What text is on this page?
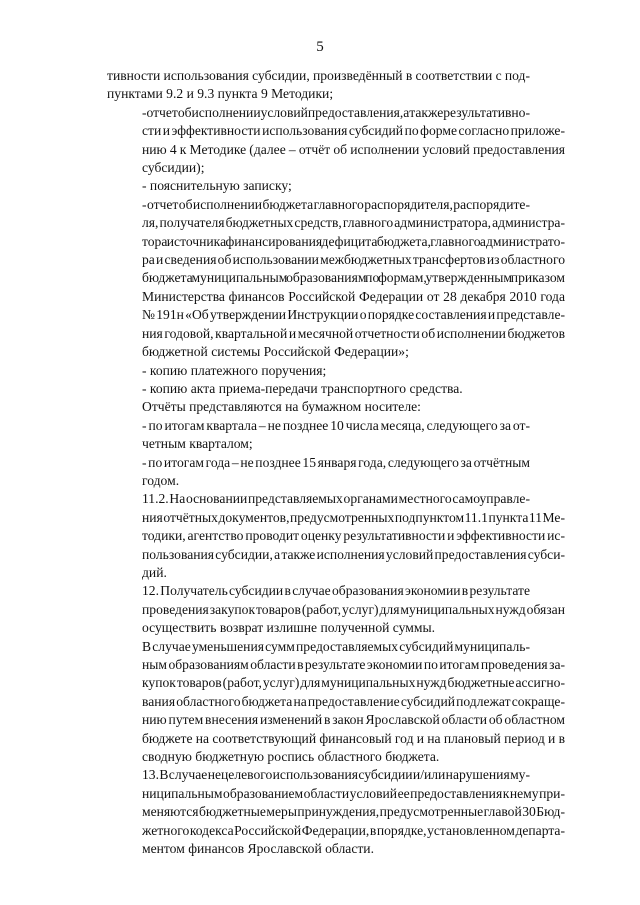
5
тивности использования субсидии, произведённый в соответствии с под-
пунктами 9.2 и 9.3 пункта 9 Методики;
- отчет об исполнении условий предоставления, а также результативно-
сти и эффективности использования субсидий по форме согласно приложе-
нию 4 к Методике (далее – отчёт об исполнении условий предоставления
субсидии);
- пояснительную записку;
- отчет об исполнении бюджета главного распорядителя, распорядите-
ля, получателя бюджетных средств, главного администратора, администра-
тора источника финансирования дефицита бюджета, главного администрато-
ра и сведения об использовании межбюджетных трансфертов из областного
бюджета муниципальным образованиям по формам, утвержденным приказом
Министерства финансов Российской Федерации от 28 декабря 2010 года
№ 191н «Об утверждении Инструкции о порядке составления и представле-
ния годовой, квартальной и месячной отчетности об исполнении бюджетов
бюджетной системы Российской Федерации»;
- копию платежного поручения;
- копию акта приема-передачи транспортного средства.
Отчёты представляются на бумажном носителе:
- по итогам квартала – не позднее 10 числа месяца, следующего за от-
четным кварталом;
- по итогам года – не позднее 15 января года, следующего за отчётным
годом.
11.2. На основании представляемых органами местного самоуправле-
ния отчётных документов, предусмотренных подпунктом 11.1 пункта 11 Ме-
тодики, агентство проводит оценку результативности и эффективности ис-
пользования субсидии, а также исполнения условий предоставления субси-
дий.
12. Получатель субсидии в случае образования экономии в результате
проведения закупок товаров (работ, услуг) для муниципальных нужд обязан
осуществить возврат излишне полученной суммы.
В случае уменьшения сумм предоставляемых субсидий муниципаль-
ным образованиям области в результате экономии по итогам проведения за-
купок товаров (работ, услуг) для муниципальных нужд бюджетные ассигно-
вания областного бюджета на предоставление субсидий подлежат сокраще-
нию путем внесения изменений в закон Ярославской области об областном
бюджете на соответствующий финансовый год и на плановый период и в
сводную бюджетную роспись областного бюджета.
13. В случае нецелевого использования субсидии и/или нарушения му-
ниципальным образованием области условий ее предоставления к нему при-
меняются бюджетные меры принуждения, предусмотренные главой 30 Бюд-
жетного кодекса Российской Федерации, в порядке, установленном департа-
ментом финансов Ярославской области.
